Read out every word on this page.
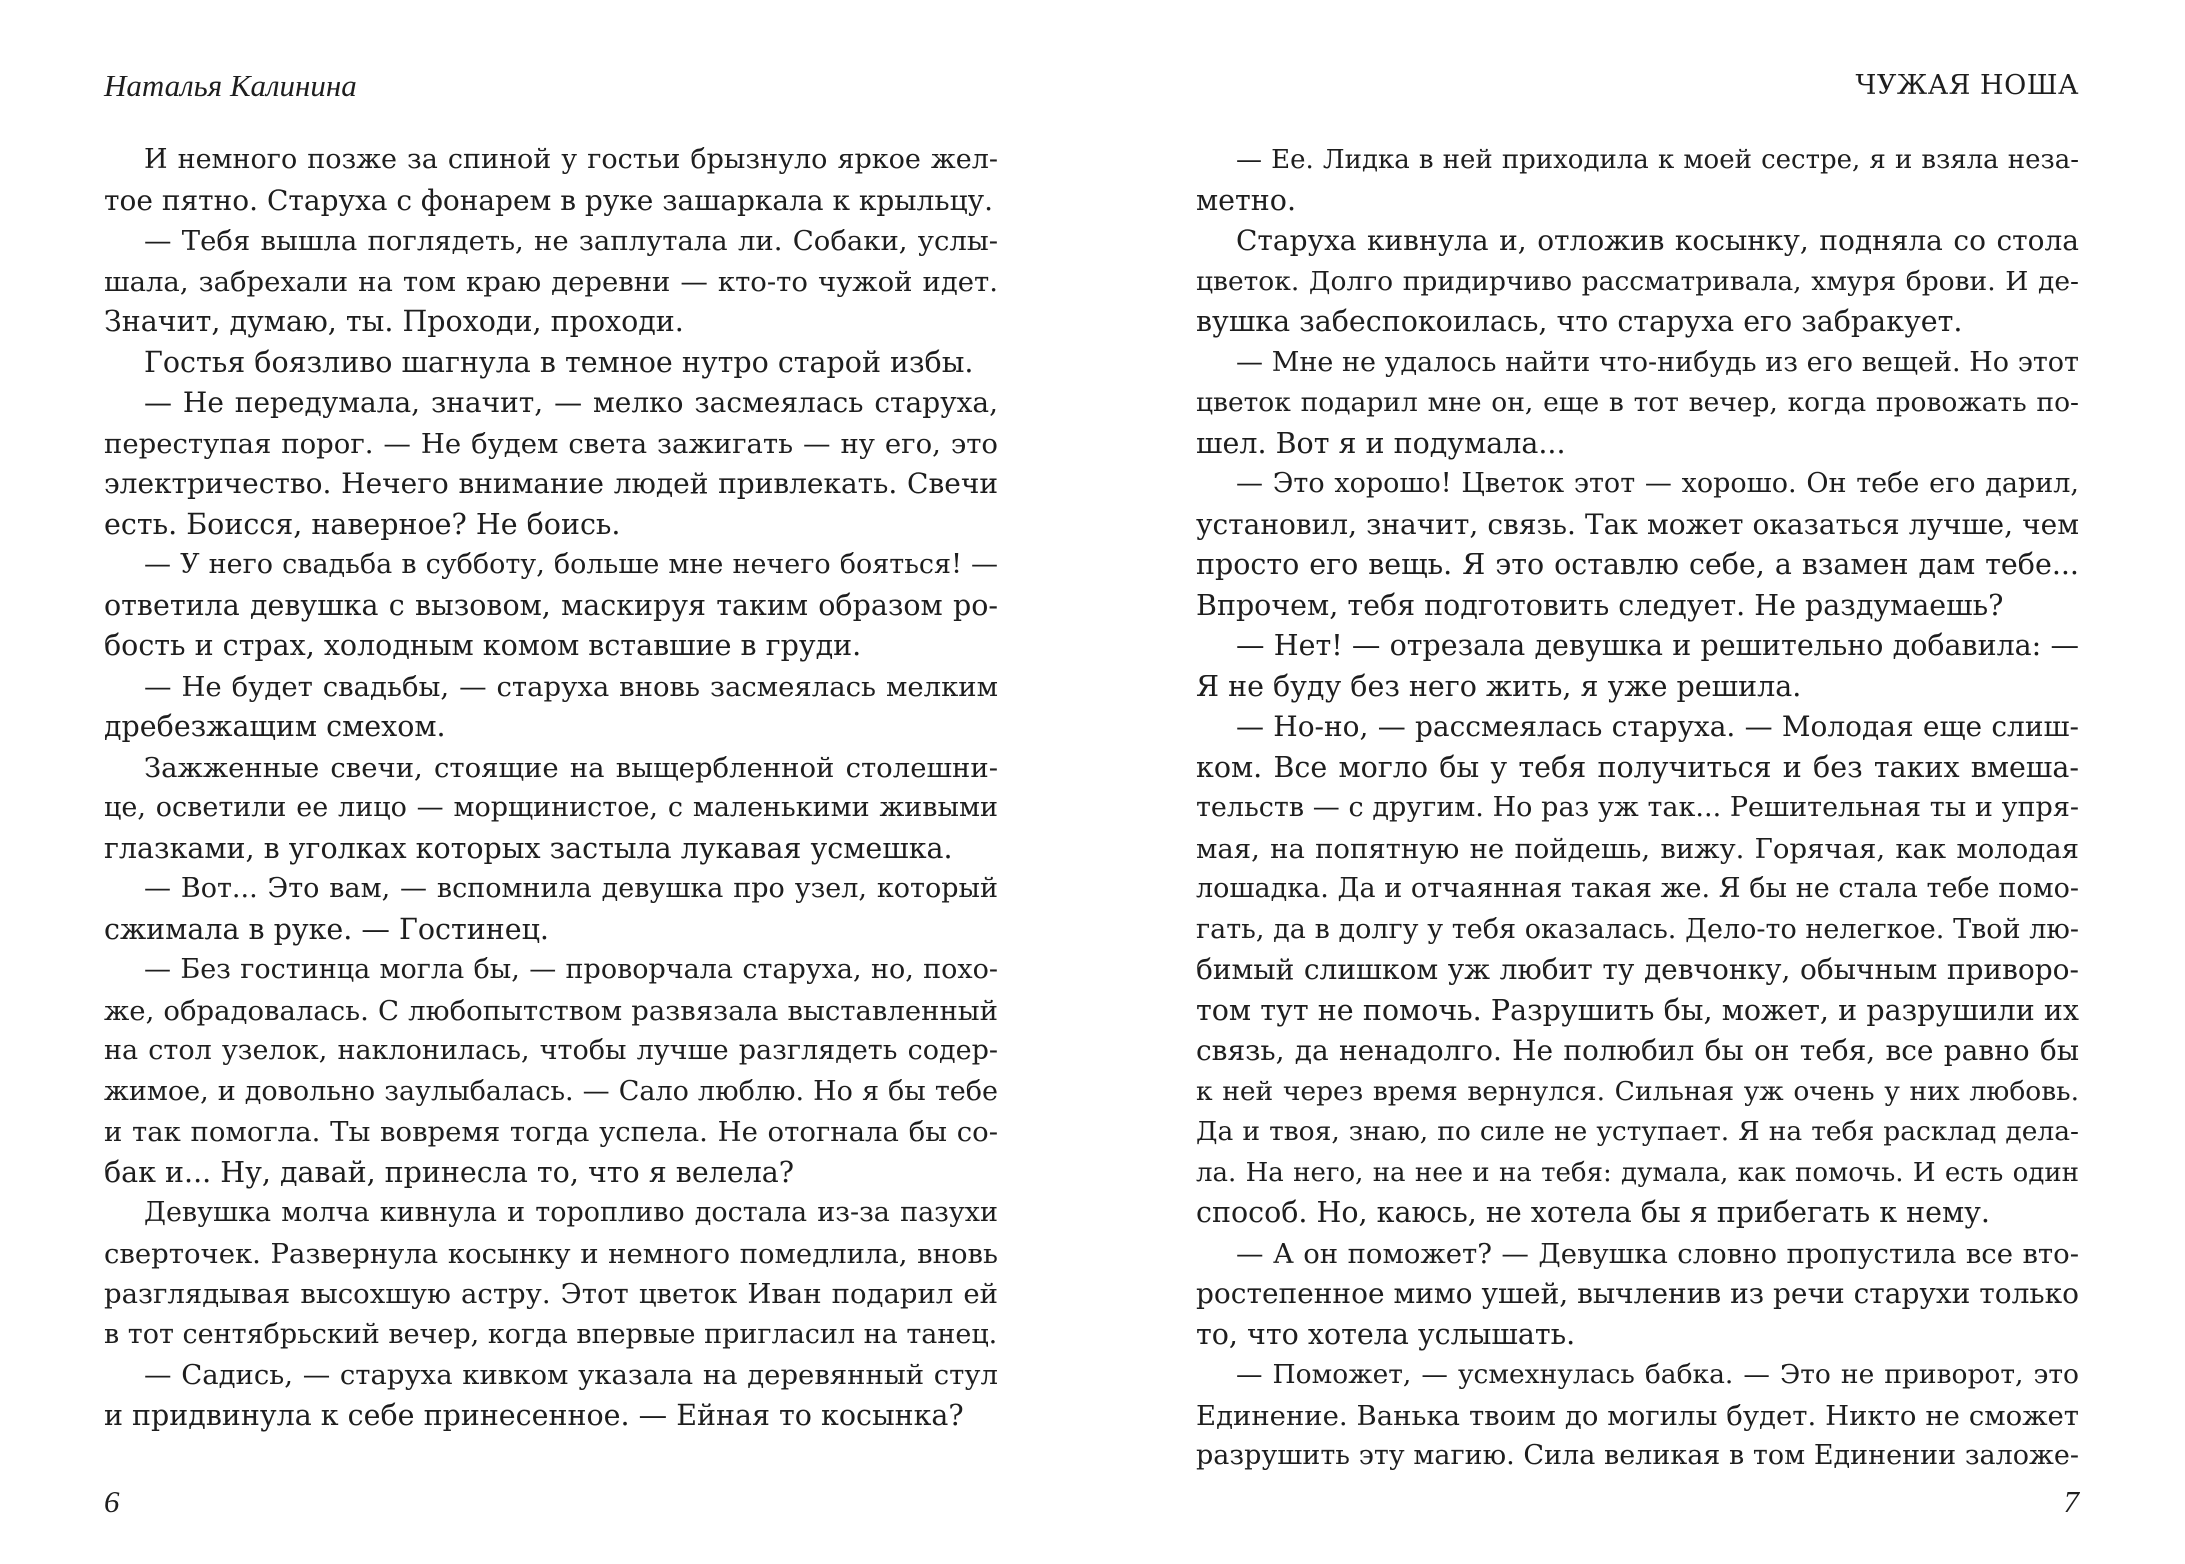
Наталья Калинина
И немного позже за спиной у гостьи брызнуло яркое жел-
тое пятно. Старуха с фонарем в руке зашаркала к крыльцу.
— Тебя вышла поглядеть, не заплутала ли. Собаки, услы-
шала, забрехали на том краю деревни — кто-то чужой идет.
Значит, думаю, ты. Проходи, проходи.
Гостья боязливо шагнула в темное нутро старой избы.
— Не передумала, значит, — мелко засмеялась старуха,
переступая порог. — Не будем света зажигать — ну его, это
электричество. Нечего внимание людей привлекать. Свечи
есть. Боисся, наверное? Не боись.
— У него свадьба в субботу, больше мне нечего бояться! —
ответила девушка с вызовом, маскируя таким образом ро-
бость и страх, холодным комом вставшие в груди.
— Не будет свадьбы, — старуха вновь засмеялась мелким
дребезжащим смехом.
Зажженные свечи, стоящие на выщербленной столешни-
це, осветили ее лицо — морщинистое, с маленькими живыми
глазками, в уголках которых застыла лукавая усмешка.
— Вот... Это вам, — вспомнила девушка про узел, который
сжимала в руке. — Гостинец.
— Без гостинца могла бы, — проворчала старуха, но, похо-
же, обрадовалась. С любопытством развязала выставленный
на стол узелок, наклонилась, чтобы лучше разглядеть содер-
жимое, и довольно заулыбалась. — Сало люблю. Но я бы тебе
и так помогла. Ты вовремя тогда успела. Не отогнала бы со-
бак и... Ну, давай, принесла то, что я велела?
Девушка молча кивнула и торопливо достала из-за пазухи
сверточек. Развернула косынку и немного помедлила, вновь
разглядывая высохшую астру. Этот цветок Иван подарил ей
в тот сентябрьский вечер, когда впервые пригласил на танец.
— Садись, — старуха кивком указала на деревянный стул
и придвинула к себе принесенное. — Ейная то косынка?
6
ЧУЖАЯ НОША
— Ее. Лидка в ней приходила к моей сестре, я и взяла неза-
метно.
Старуха кивнула и, отложив косынку, подняла со стола
цветок. Долго придирчиво рассматривала, хмуря брови. И де-
вушка забеспокоилась, что старуха его забракует.
— Мне не удалось найти что-нибудь из его вещей. Но этот
цветок подарил мне он, еще в тот вечер, когда провожать по-
шел. Вот я и подумала...
— Это хорошо! Цветок этот — хорошо. Он тебе его дарил,
установил, значит, связь. Так может оказаться лучше, чем
просто его вещь. Я это оставлю себе, а взамен дам тебе...
Впрочем, тебя подготовить следует. Не раздумаешь?
— Нет! — отрезала девушка и решительно добавила: —
Я не буду без него жить, я уже решила.
— Но-но, — рассмеялась старуха. — Молодая еще слиш-
ком. Все могло бы у тебя получиться и без таких вмеша-
тельств — с другим. Но раз уж так... Решительная ты и упря-
мая, на попятную не пойдешь, вижу. Горячая, как молодая
лошадка. Да и отчаянная такая же. Я бы не стала тебе помо-
гать, да в долгу у тебя оказалась. Дело-то нелегкое. Твой лю-
бимый слишком уж любит ту девчонку, обычным приворо-
том тут не помочь. Разрушить бы, может, и разрушили их
связь, да ненадолго. Не полюбил бы он тебя, все равно бы
к ней через время вернулся. Сильная уж очень у них любовь.
Да и твоя, знаю, по силе не уступает. Я на тебя расклад дела-
ла. На него, на нее и на тебя: думала, как помочь. И есть один
способ. Но, каюсь, не хотела бы я прибегать к нему.
— А он поможет? — Девушка словно пропустила все вто-
ростепенное мимо ушей, вычленив из речи старухи только
то, что хотела услышать.
— Поможет, — усмехнулась бабка. — Это не приворот, это
Единение. Ванька твоим до могилы будет. Никто не сможет
разрушить эту магию. Сила великая в том Единении заложе-
7
